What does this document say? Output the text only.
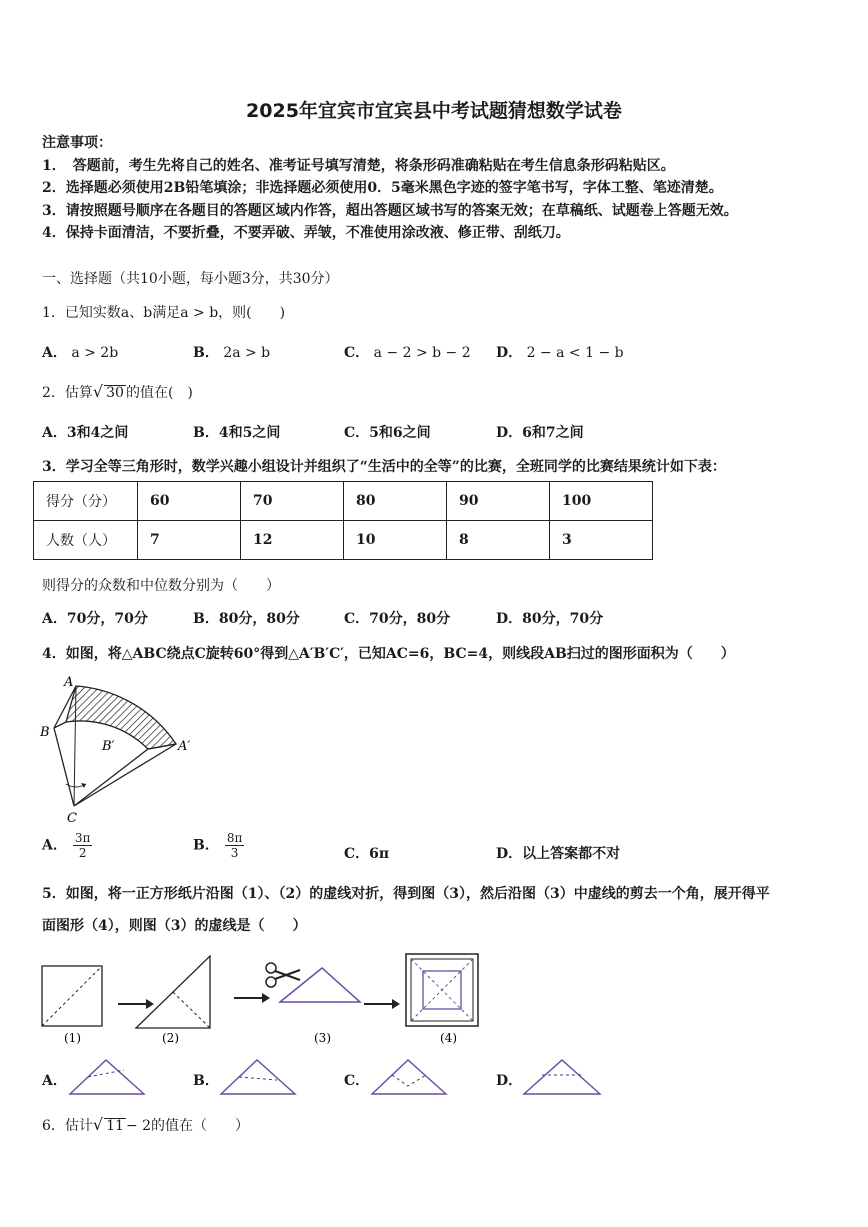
2025年宜宾市宜宾县中考试题猜想数学试卷
注意事项：
1．　答题前，考生先将自己的姓名、准考证号填写清楚，将条形码准确粘贴在考生信息条形码粘贴区。
2．选择题必须使用2B铅笔填涂；非选择题必须使用0．5毫米黑色字迹的签字笔书写，字体工整、笔迹清楚。
3．请按照题号顺序在各题目的答题区域内作答，超出答题区域书写的答案无效；在草稿纸、试题卷上答题无效。
4．保持卡面清洁，不要折叠，不要弄破、弄皱，不准使用涂改液、修正带、刮纸刀。
一、选择题（共10小题，每小题3分，共30分）
1．已知实数a、b满足a > b，则(　　)
A． a > 2b	B． 2a > b	C． a − 2 > b − 2 D． 2 − a < 1 − b
2．估算√ 30 的值在(　)
A．3和4之间	B．4和5之间	C．5和6之间	D．6和7之间
3．学习全等三角形时，数学兴趣小组设计并组织了“生活中的全等”的比赛，全班同学的比赛结果统计如下表：
得分（分）	60	70	80	90	100
人数（人）	7	12	10	8	3
则得分的众数和中位数分别为（　　）
A．70分，70分	B．80分，80分	C．70分，80分	D．80分，70分
4．如图，将△ABC绕点C旋转60°得到△A′B′C′，已知AC=6，BC=4，则线段AB扫过的图形面积为（　　）
A
B
B′	A′
C
A． $\frac{3\pi}{2}$	B． $\frac{8\pi}{3}$	C．6π	D．以上答案都不对
5．如图，将一正方形纸片沿图（1）、（2）的虚线对折，得到图（3），然后沿图（3）中虚线的剪去一个角，展开得平
面图形（4），则图（3）的虚线是（　　）
(1)	(2)	(3)	(4)
A．	B．	C．	D．
6．估计√ 11 − 2的值在（　　）
